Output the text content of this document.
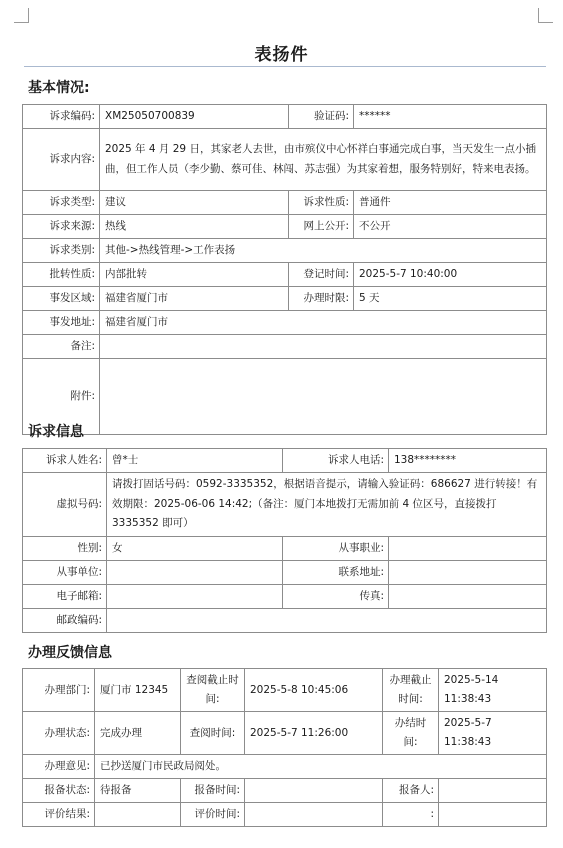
表扬件
基本情况:
诉求编码:	XM25050700839	验证码:	******
诉求内容:	2025 年 4 月 29 日，其家老人去世，由市殡仪中心怀祥白事通完成白事，当天发生一点小插曲，但工作人员（李少勤、蔡可佳、林闯、苏志强）为其家着想，服务特别好，特来电表扬。		
诉求类型:	建议	诉求性质:	普通件
诉求来源:	热线	网上公开:	不公开
诉求类别:	其他->热线管理->工作表扬		
批转性质:	内部批转	登记时间:	2025-5-7 10:40:00
事发区域:	福建省厦门市	办理时限:	5 天
事发地址:	福建省厦门市		
备注:			
附件:			
诉求信息
诉求人姓名:	曾*士	诉求人电话:	138********
虚拟号码:	请拨打固话号码：0592-3335352，根据语音提示，请输入验证码：686627 进行转接！有效期限：2025-06-06 14:42;（备注：厦门本地拨打无需加前 4 位区号，直接拨打 3335352 即可）		
性别:	女	从事职业:	
从事单位:		联系地址:	
电子邮箱:		传真:	
邮政编码:			
办理反馈信息
办理部门:	厦门市 12345	查阅截止时间:	2025-5-8 10:45:06	办理截止时间:	2025-5-14 11:38:43
办理状态:	完成办理	查阅时间:	2025-5-7 11:26:00	办结时间:	2025-5-7 11:38:43
办理意见:	已抄送厦门市民政局阅处。				
报备状态:	待报备	报备时间:		报备人:	
评价结果:		评价时间:		:	
